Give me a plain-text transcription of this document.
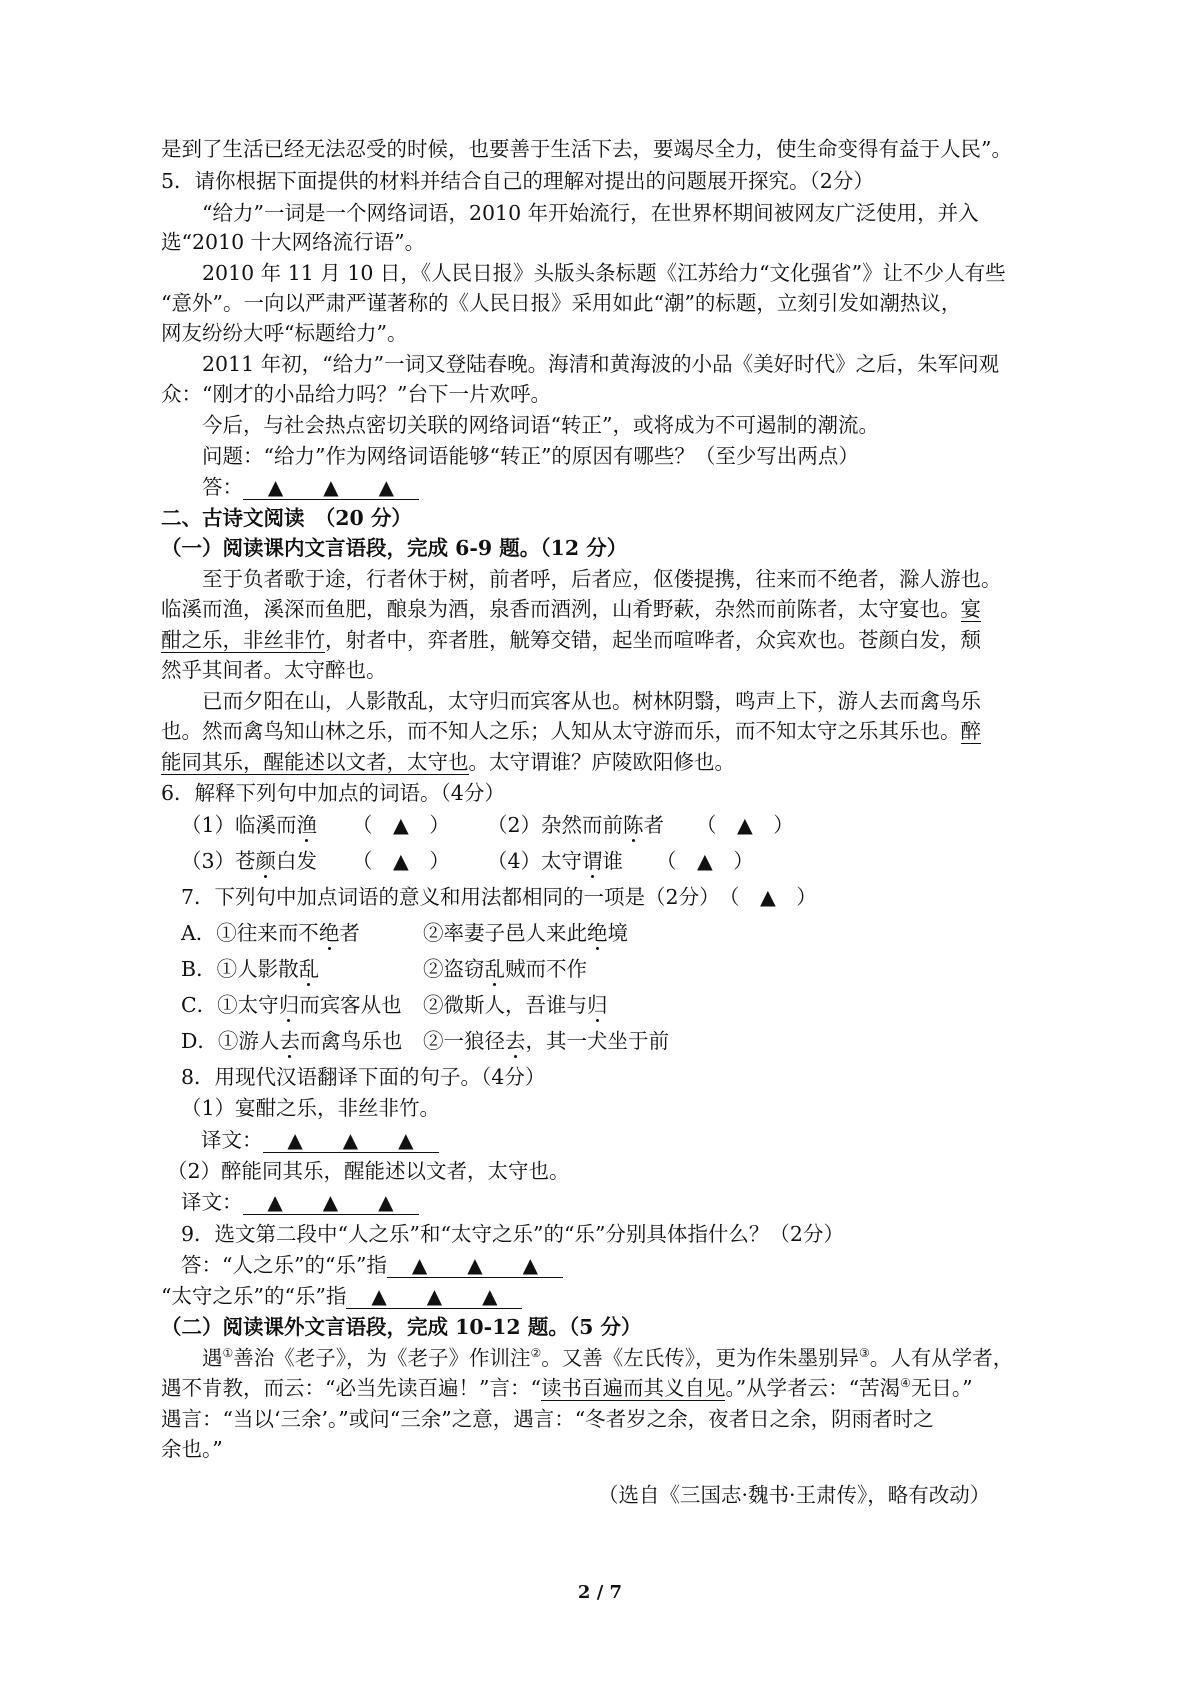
是到了生活已经无法忍受的时候，也要善于生活下去，要竭尽全力，使生命变得有益于人民”。
5．请你根据下面提供的材料并结合自己的理解对提出的问题展开探究。（2分）
“给力”一词是一个网络词语，2010 年开始流行，在世界杯期间被网友广泛使用，并入
选“2010 十大网络流行语”。
2010 年 11 月 10 日，《人民日报》头版头条标题《江苏给力“文化强省”》让不少人有些
“意外”。一向以严肃严谨著称的《人民日报》采用如此“潮”的标题，立刻引发如潮热议，
网友纷纷大呼“标题给力”。
2011 年初，“给力”一词又登陆春晚。海清和黄海波的小品《美好时代》之后，朱军问观
众：“刚才的小品给力吗？”台下一片欢呼。
今后，与社会热点密切关联的网络词语“转正”，或将成为不可遏制的潮流。
问题：“给力”作为网络词语能够“转正”的原因有哪些？（至少写出两点）
答： ▲　　▲　　▲
二、古诗文阅读　（20 分）
（一）阅读课内文言语段，完成 6-9 题。（12 分）
至于负者歌于途，行者休于树，前者呼，后者应，伛偻提携，往来而不绝者，滁人游也。
临溪而渔，溪深而鱼肥，酿泉为酒，泉香而酒洌，山肴野蔌，杂然而前陈者，太守宴也。宴
酣之乐，非丝非竹，射者中，弈者胜，觥筹交错，起坐而喧哗者，众宾欢也。苍颜白发，颓
然乎其间者。太守醉也。
已而夕阳在山，人影散乱，太守归而宾客从也。树林阴翳，鸣声上下，游人去而禽鸟乐
也。然而禽鸟知山林之乐，而不知人之乐；人知从太守游而乐，而不知太守之乐其乐也。醉
能同其乐，醒能述以文者，太守也。太守谓谁？庐陵欧阳修也。
6．解释下列句中加点的词语。（4分）
（1）临溪而渔 （　▲　） （2）杂然而前陈者 （　▲　）
（3）苍颜白发 （　▲　） （4）太守谓谁 （　▲　）
7．下列句中加点词语的意义和用法都相同的一项是（2分） （　▲　）
A．①往来而不绝者	②率妻子邑人来此绝境
B．①人影散乱	②盗窃乱贼而不作
C．①太守归而宾客从也 ②微斯人，吾谁与归
D．①游人去而禽鸟乐也 ②一狼径去，其一犬坐于前
8．用现代汉语翻译下面的句子。（4分）
（1）宴酣之乐，非丝非竹。
译文： ▲　　▲　　▲
（2）醉能同其乐，醒能述以文者，太守也。
译文： ▲　　▲　　▲
9．选文第二段中“人之乐”和“太守之乐”的“乐”分别具体指什么？（2分）
答：“人之乐”的“乐”指 ▲　　▲　　▲
“太守之乐”的“乐”指 ▲　　▲　　▲
（二）阅读课外文言语段，完成 10-12 题。（5 分）
遇①善治《老子》，为《老子》作训注②。又善《左氏传》，更为作朱墨别异③。人有从学者，
遇不肯教，而云：“必当先读百遍！”言：“读书百遍而其义自见。”从学者云：“苦渴④无日。”
遇言：“当以‘三余’。”或问“三余”之意，遇言：“冬者岁之余，夜者日之余，阴雨者时之
余也。”
（选自《三国志·魏书·王肃传》，略有改动）
2 / 7
